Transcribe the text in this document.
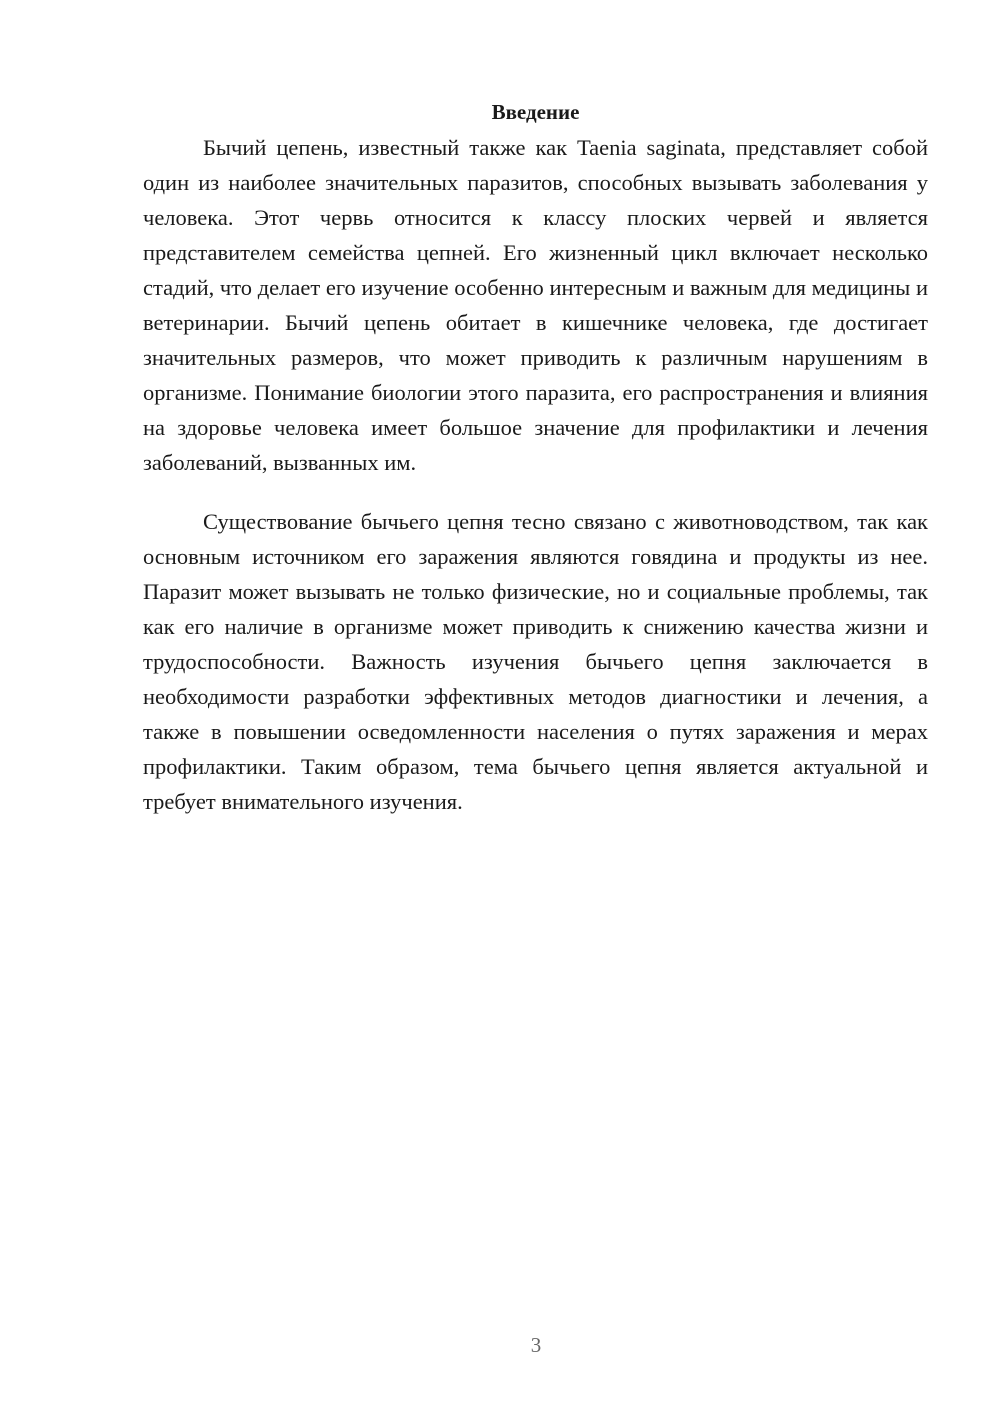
Введение

Бычий цепень, известный также как Taenia saginata, представляет собой один из наиболее значительных паразитов, способных вызывать заболевания у человека. Этот червь относится к классу плоских червей и является представителем семейства цепней. Его жизненный цикл включает несколько стадий, что делает его изучение особенно интересным и важным для медицины и ветеринарии. Бычий цепень обитает в кишечнике человека, где достигает значительных размеров, что может приводить к различным нарушениям в организме. Понимание биологии этого паразита, его распространения и влияния на здоровье человека имеет большое значение для профилактики и лечения заболеваний, вызванных им.

Существование бычьего цепня тесно связано с животноводством, так как основным источником его заражения являются говядина и продукты из нее. Паразит может вызывать не только физические, но и социальные проблемы, так как его наличие в организме может приводить к снижению качества жизни и трудоспособности. Важность изучения бычьего цепня заключается в необходимости разработки эффективных методов диагностики и лечения, а также в повышении осведомленности населения о путях заражения и мерах профилактики. Таким образом, тема бычьего цепня является актуальной и требует внимательного изучения.

3
